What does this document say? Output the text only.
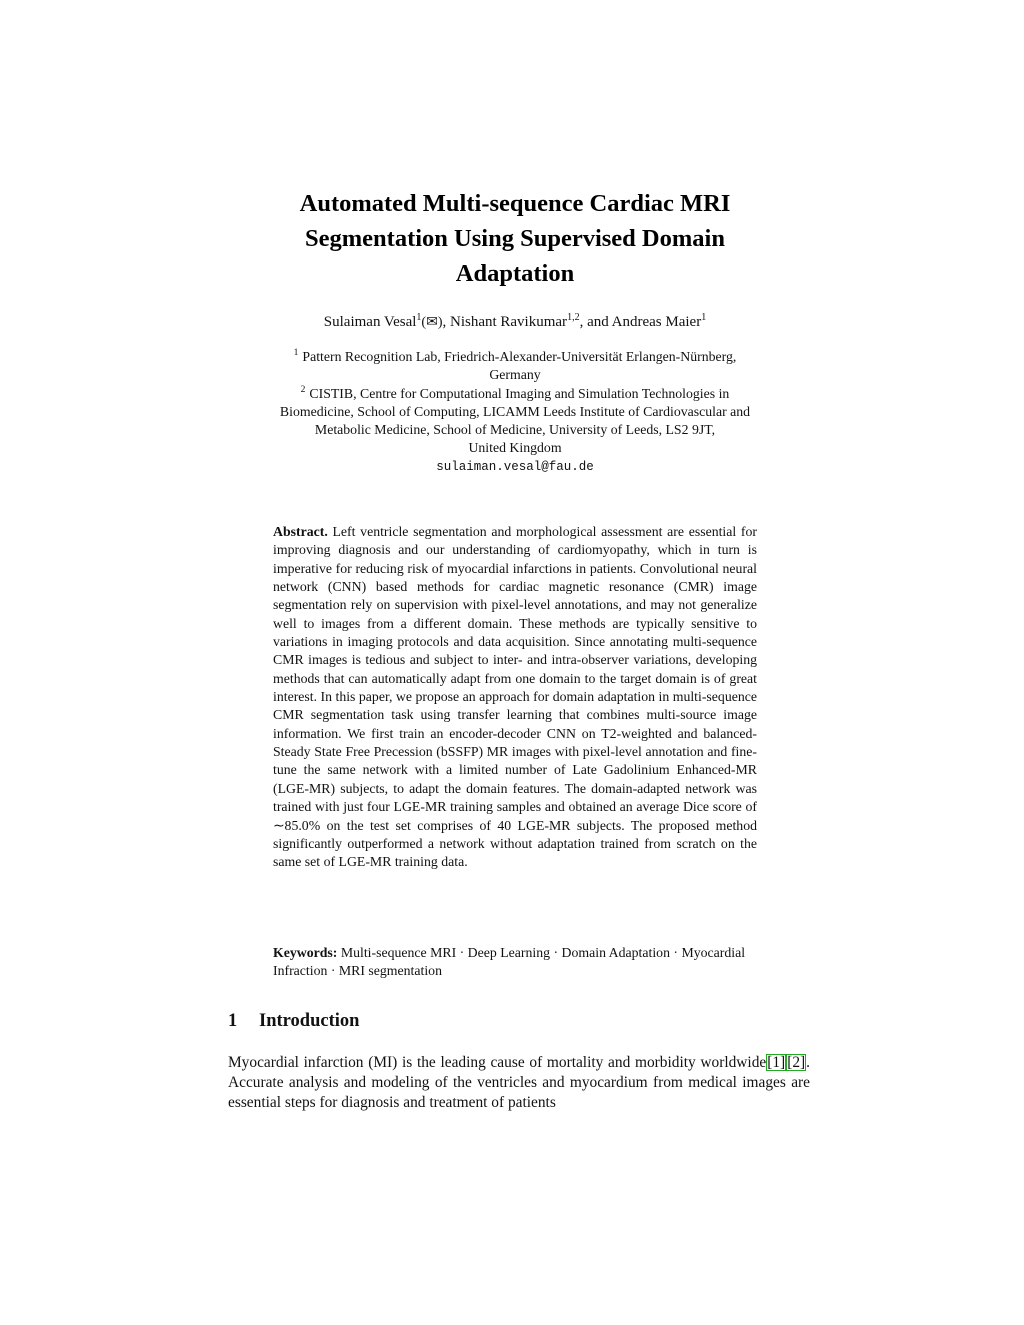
Automated Multi-sequence Cardiac MRI
Segmentation Using Supervised Domain
Adaptation
Sulaiman Vesal$^1$(✉), Nishant Ravikumar$^{1,2}$, and Andreas Maier$^1$
$^1$ Pattern Recognition Lab, Friedrich-Alexander-Universität Erlangen-Nürnberg,
Germany
$^2$ CISTIB, Centre for Computational Imaging and Simulation Technologies in
Biomedicine, School of Computing, LICAMM Leeds Institute of Cardiovascular and
Metabolic Medicine, School of Medicine, University of Leeds, LS2 9JT,
United Kingdom
sulaiman.vesal@fau.de

Abstract. Left ventricle segmentation and morphological assessment are essential for improving diagnosis and our understanding of cardiomyopathy, which in turn is imperative for reducing risk of myocardial infarctions in patients. Convolutional neural network (CNN) based methods for cardiac magnetic resonance (CMR) image segmentation rely on supervision with pixel-level annotations, and may not generalize well to images from a different domain. These methods are typically sensitive to variations in imaging protocols and data acquisition. Since annotating multi-sequence CMR images is tedious and subject to inter- and intra-observer variations, developing methods that can automatically adapt from one domain to the target domain is of great interest. In this paper, we propose an approach for domain adaptation in multi-sequence CMR segmentation task using transfer learning that combines multi-source image information. We first train an encoder-decoder CNN on T2-weighted and balanced-Steady State Free Precession (bSSFP) MR images with pixel-level annotation and fine-tune the same network with a limited number of Late Gadolinium Enhanced-MR (LGE-MR) subjects, to adapt the domain features. The domain-adapted network was trained with just four LGE-MR training samples and obtained an average Dice score of ∼85.0% on the test set comprises of 40 LGE-MR subjects. The proposed method significantly outperformed a network without adaptation trained from scratch on the same set of LGE-MR training data.

Keywords: Multi-sequence MRI · Deep Learning · Domain Adaptation · Myocardial Infraction · MRI segmentation

1 Introduction

Myocardial infarction (MI) is the leading cause of mortality and morbidity worldwide[1] [2]. Accurate analysis and modeling of the ventricles and myocardium from medical images are essential steps for diagnosis and treatment of patients
